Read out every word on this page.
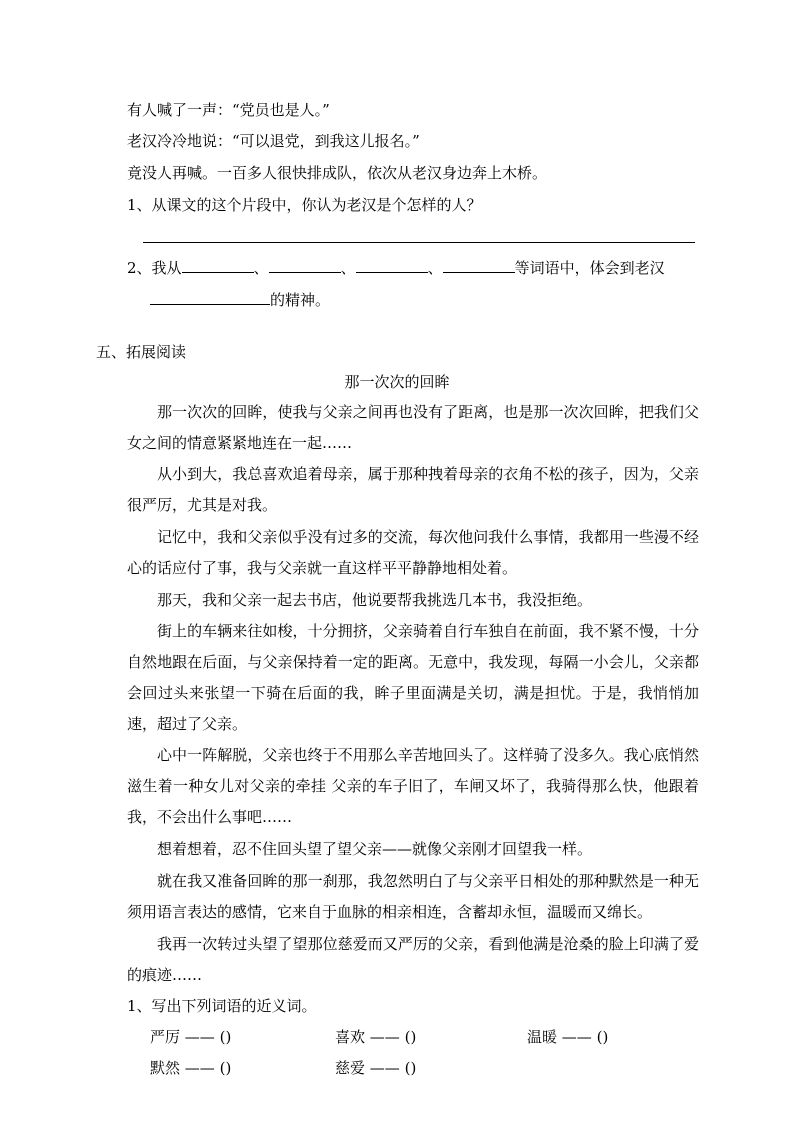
有人喊了一声：“党员也是人。”
老汉冷冷地说：“可以退党，到我这儿报名。”
竟没人再喊。一百多人很快排成队，依次从老汉身边奔上木桥。
1、从课文的这个片段中，你认为老汉是个怎样的人？
2、我从	、	、	、	等词语中，体会到老汉
的精神。
五、拓展阅读
那一次次的回眸
那一次次的回眸，使我与父亲之间再也没有了距离，也是那一次次回眸，把我们父女之间的情意紧紧地连在一起……
从小到大，我总喜欢追着母亲，属于那种拽着母亲的衣角不松的孩子，因为，父亲很严厉，尤其是对我。
记忆中，我和父亲似乎没有过多的交流，每次他问我什么事情，我都用一些漫不经心的话应付了事，我与父亲就一直这样平平静静地相处着。
那天，我和父亲一起去书店，他说要帮我挑选几本书，我没拒绝。
街上的车辆来往如梭，十分拥挤，父亲骑着自行车独自在前面，我不紧不慢，十分自然地跟在后面，与父亲保持着一定的距离。无意中，我发现，每隔一小会儿，父亲都会回过头来张望一下骑在后面的我，眸子里面满是关切，满是担忧。于是，我悄悄加速，超过了父亲。
心中一阵解脱，父亲也终于不用那么辛苦地回头了。这样骑了没多久。我心底悄然滋生着一种女儿对父亲的牵挂 父亲的车子旧了，车闸又坏了，我骑得那么快，他跟着我，不会出什么事吧……
想着想着，忍不住回头望了望父亲——就像父亲刚才回望我一样。
就在我又准备回眸的那一刹那，我忽然明白了与父亲平日相处的那种默然是一种无须用语言表达的感情，它来自于血脉的相亲相连，含蓄却永恒，温暖而又绵长。
我再一次转过头望了望那位慈爱而又严厉的父亲，看到他满是沧桑的脸上印满了爱的痕迹……
1、写出下列词语的近义词。
严厉 —— ()	喜欢 —— ()	温暖 —— ()
默然 —— ()	慈爱 —— ()
